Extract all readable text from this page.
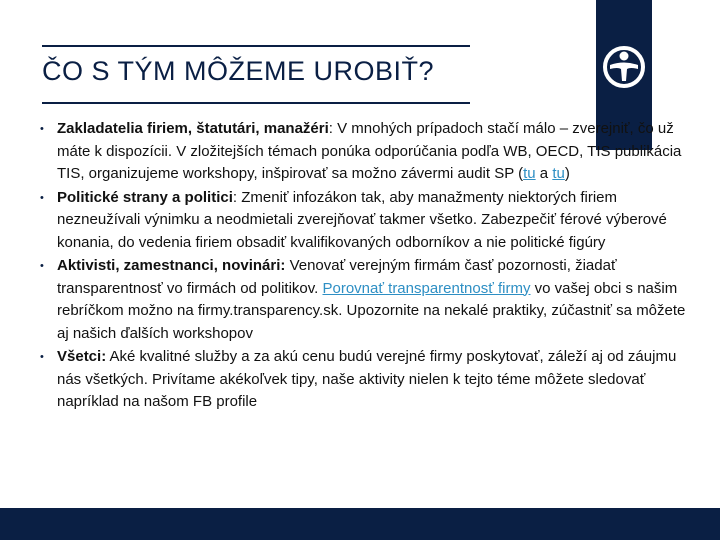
ČO S TÝM MÔŽEME UROBIŤ?
• Zakladatelia firiem, štatutári, manažéri: V mnohých prípadoch stačí málo – zverejniť, čo už máte k dispozícii. V zložitejších témach ponúka odporúčania podľa WB, OECD, TIS publikácia TIS, organizujeme workshopy, inšpirovať sa možno závermi audit SP (tu a tu)
• Politické strany a politici: Zmeniť infozákon tak, aby manažmenty niektorých firiem nezneužívali výnimku a neodmietali zverejňovať takmer všetko. Zabezpečiť férové výberové konania, do vedenia firiem obsadiť kvalifikovaných odborníkov a nie politické figúry
• Aktivisti, zamestnanci, novinári: Venovať verejným firmám časť pozornosti, žiadať transparentnosť vo firmách od politikov. Porovnať transparentnosť firmy vo vašej obci s našim rebríčkom možno na firmy.transparency.sk. Upozornite na nekalé praktiky, zúčastniť sa môžete aj našich ďalších workshopov
• Všetci: Aké kvalitné služby a za akú cenu budú verejné firmy poskytovať, záleží aj od záujmu nás všetkých. Privítame akékoľvek tipy, naše aktivity nielen k tejto téme môžete sledovať napríklad na našom FB profile
